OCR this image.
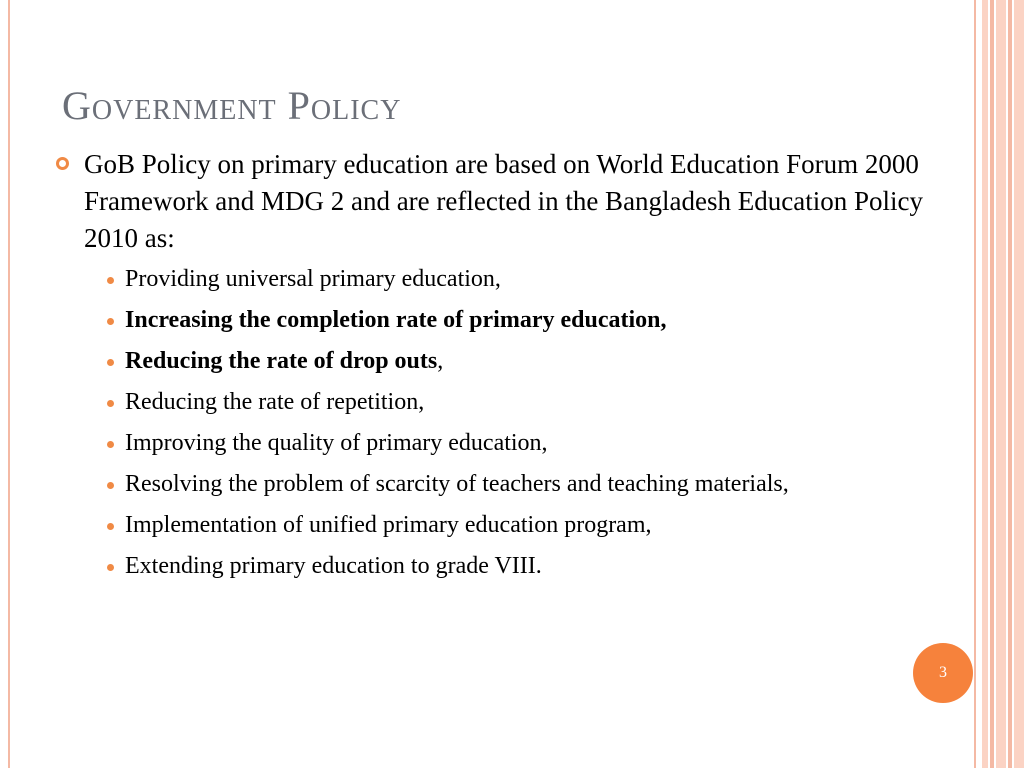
Government Policy

GoB Policy on primary education are based on World Education Forum 2000 Framework and MDG 2 and are reflected in the Bangladesh Education Policy 2010 as:

Providing universal primary education,
Increasing the completion rate of primary education,
Reducing the rate of drop outs,
Reducing the rate of repetition,
Improving the quality of primary education,
Resolving the problem of scarcity of teachers and teaching materials,
Implementation of unified primary education program,
Extending primary education to grade VIII.
3
